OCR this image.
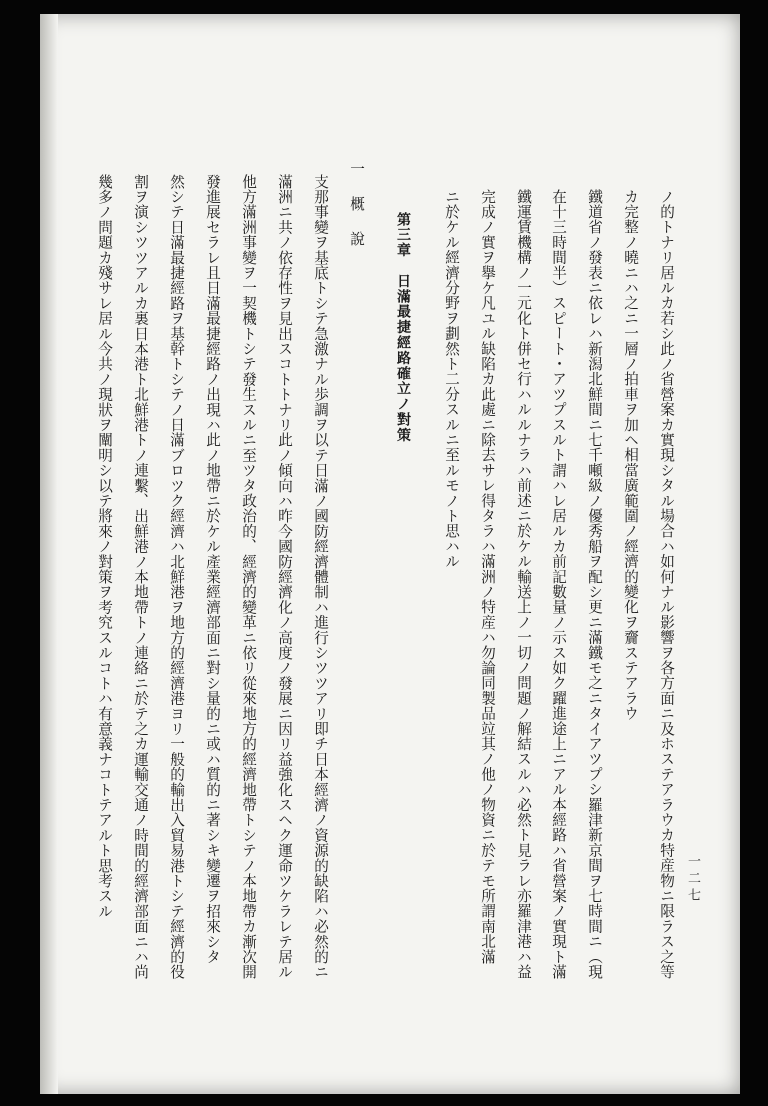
ノ的トナリ居ルカ若シ此ノ省營案カ實現シタル場合ハ如何ナル影響ヲ各方面ニ及ホステアラウカ特産物ニ限ラス之等
カ完整ノ曉ニハ之ニ一層ノ拍車ヲ加ヘ相當廣範圍ノ經濟的變化ヲ齎ステアラウ
鐵道省ノ發表ニ依レハ新潟北鮮間ニ七千噸級ノ優秀船ヲ配シ更ニ滿鐵モ之ニタイアツプシ羅津新京間ヲ七時間ニ（現
在十三時間半）スピート・アツプスルト謂ハレ居ルカ前記數量ノ示ス如ク躍進途上ニアル本經路ハ省營案ノ實現ト滿
鐵運賃機構ノ一元化ト併セ行ハルルナラハ前述ニ於ケル輸送上ノ一切ノ問題ノ解結スルハ必然ト見ラレ亦羅津港ハ益
完成ノ實ヲ擧ケ凡ユル缺陷カ此處ニ除去サレ得タラハ滿洲ノ特産ハ勿論同製品竝其ノ他ノ物資ニ於テモ所謂南北滿
ニ於ケル經濟分野ヲ劃然ト二分スルニ至ルモノト思ハル
第三章　日滿最捷經路確立ノ對策
一　概　說
支那事變ヲ基底トシテ急激ナル歩調ヲ以テ日滿ノ國防經濟體制ハ進行シツツアリ即チ日本經濟ノ資源的缺陷ハ必然的ニ
滿洲ニ共ノ依存性ヲ見出スコトトナリ此ノ傾向ハ昨今國防經濟化ノ高度ノ發展ニ因リ益強化スヘク運命ツケラレテ居ル
他方滿洲事變ヲ一契機トシテ發生スルニ至ツタ政治的、經濟的變革ニ依リ從來地方的經濟地帶トシテノ本地帶カ漸次開
發進展セラレ且日滿最捷經路ノ出現ハ此ノ地帶ニ於ケル產業經濟部面ニ對シ量的ニ或ハ質的ニ著シキ變遷ヲ招來シタ
然シテ日滿最捷經路ヲ基幹トシテノ日滿ブロツク經濟ハ北鮮港ヲ地方的經濟港ヨリ一般的輸出入貿易港トシテ經濟的役
割ヲ演シツツアルカ裏日本港ト北鮮港トノ連繫、出鮮港ノ本地帶トノ連絡ニ於テ之カ運輸交通ノ時間的經濟部面ニハ尚
幾多ノ問題カ殘サレ居ル今共ノ現狀ヲ闡明シ以テ將來ノ對策ヲ考究スルコトハ有意義ナコトテアルト思考スル	一二七
